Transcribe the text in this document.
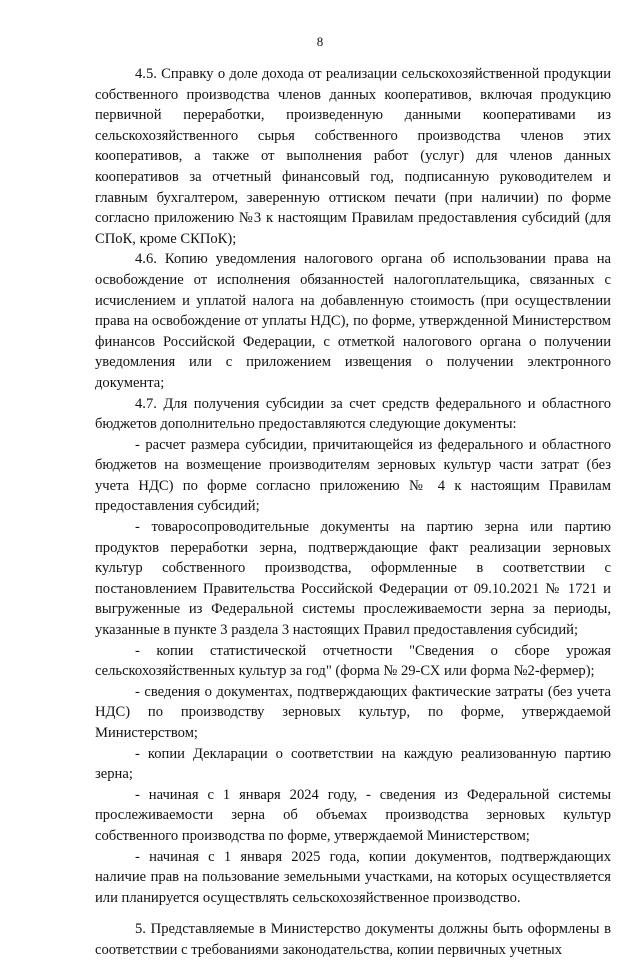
8

4.5. Справку о доле дохода от реализации сельскохозяйственной продукции собственного производства членов данных кооперативов, включая продукцию первичной переработки, произведенную данными кооперативами из сельскохозяйственного сырья собственного производства членов этих кооперативов, а также от выполнения работ (услуг) для членов данных кооперативов за отчетный финансовый год, подписанную руководителем и главным бухгалтером, заверенную оттиском печати (при наличии) по форме согласно приложению №3 к настоящим Правилам предоставления субсидий (для СПоК, кроме СКПоК);

4.6. Копию уведомления налогового органа об использовании права на освобождение от исполнения обязанностей налогоплательщика, связанных с исчислением и уплатой налога на добавленную стоимость (при осуществлении права на освобождение от уплаты НДС), по форме, утвержденной Министерством финансов Российской Федерации, с отметкой налогового органа о получении уведомления или с приложением извещения о получении электронного документа;

4.7. Для получения субсидии за счет средств федерального и областного бюджетов дополнительно предоставляются следующие документы:

- расчет размера субсидии, причитающейся из федерального и областного бюджетов на возмещение производителям зерновых культур части затрат (без учета НДС) по форме согласно приложению № 4 к настоящим Правилам предоставления субсидий;

- товаросопроводительные документы на партию зерна или партию продуктов переработки зерна, подтверждающие факт реализации зерновых культур собственного производства, оформленные в соответствии с постановлением Правительства Российской Федерации от 09.10.2021 № 1721 и выгруженные из Федеральной системы прослеживаемости зерна за периоды, указанные в пункте 3 раздела 3 настоящих Правил предоставления субсидий;

- копии статистической отчетности "Сведения о сборе урожая сельскохозяйственных культур за год" (форма № 29-СХ или форма №2-фермер);

- сведения о документах, подтверждающих фактические затраты (без учета НДС) по производству зерновых культур, по форме, утверждаемой Министерством;

- копии Декларации о соответствии на каждую реализованную партию зерна;

- начиная с 1 января 2024 году, - сведения из Федеральной системы прослеживаемости зерна об объемах производства зерновых культур собственного производства по форме, утверждаемой Министерством;

- начиная с 1 января 2025 года, копии документов, подтверждающих наличие прав на пользование земельными участками, на которых осуществляется или планируется осуществлять сельскохозяйственное производство.

5. Представляемые в Министерство документы должны быть оформлены в соответствии с требованиями законодательства, копии первичных учетных
